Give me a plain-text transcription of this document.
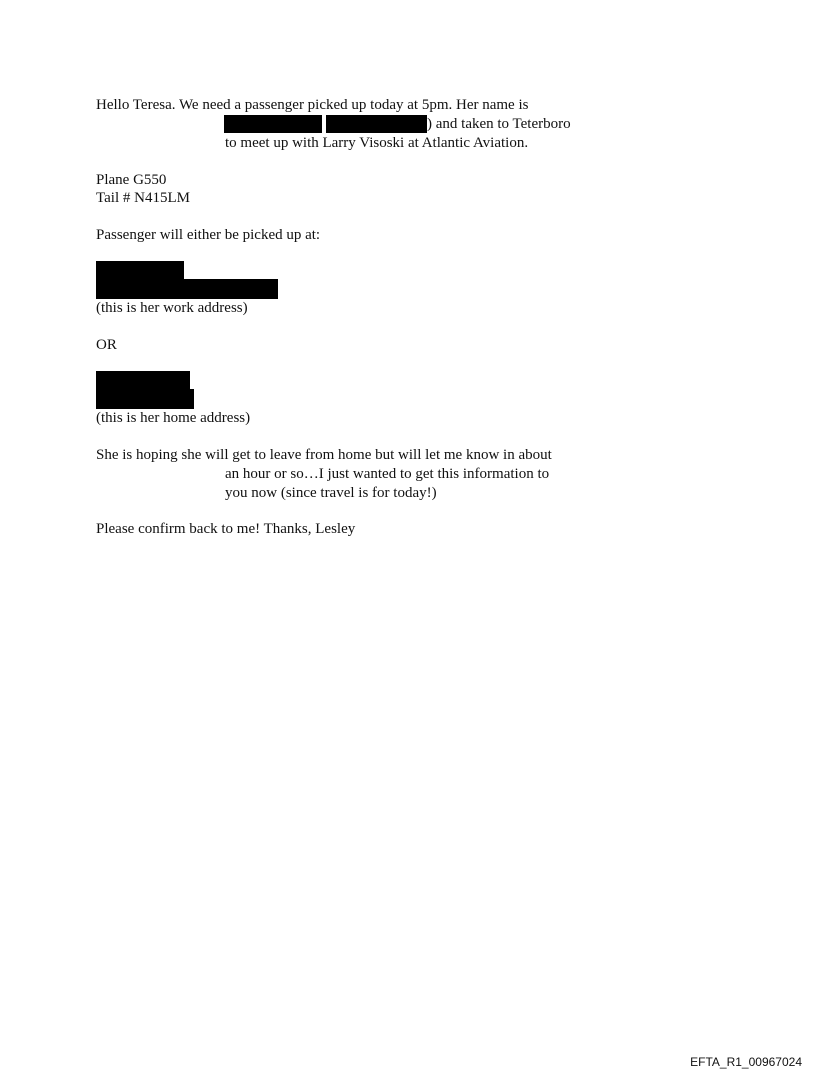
Hello Teresa. We need a passenger picked up today at 5pm. Her name is
) and taken to Teterboro
to meet up with Larry Visoski at Atlantic Aviation.
Plane G550
Tail # N415LM
Passenger will either be picked up at:
(this is her work address)
OR
(this is her home address)
She is hoping she will get to leave from home but will let me know in about
an hour or so…I just wanted to get this information to
you now (since travel is for today!)
Please confirm back to me! Thanks, Lesley
EFTA_R1_00967024
